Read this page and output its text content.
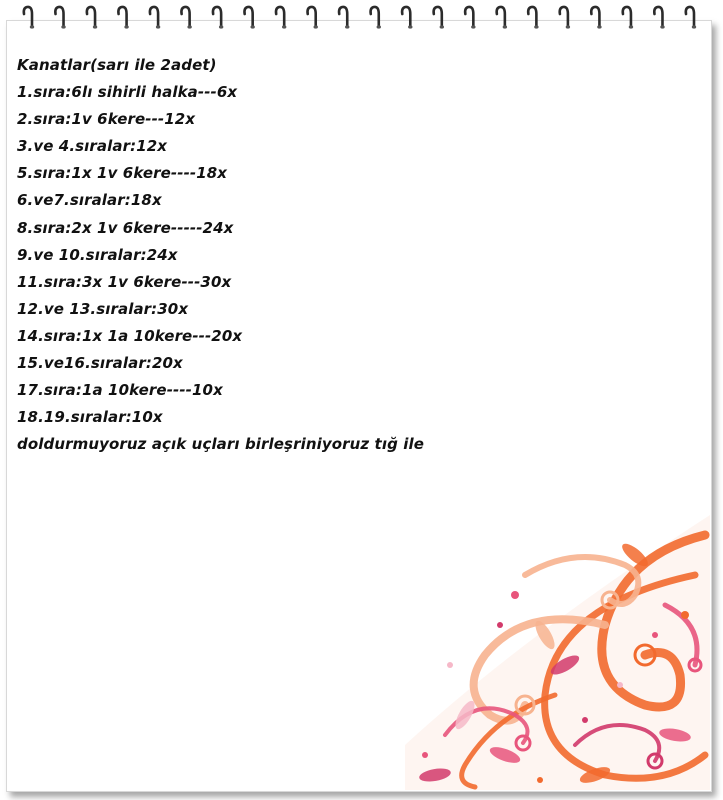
Kanatlar(sarı ile 2adet)
1.sıra:6lı sihirli halka---6x
2.sıra:1v 6kere---12x
3.ve 4.sıralar:12x
5.sıra:1x 1v 6kere----18x
6.ve7.sıralar:18x
8.sıra:2x 1v 6kere-----24x
9.ve 10.sıralar:24x
11.sıra:3x 1v 6kere---30x
12.ve 13.sıralar:30x
14.sıra:1x 1a 10kere---20x
15.ve16.sıralar:20x
17.sıra:1a 10kere----10x
18.19.sıralar:10x
doldurmuyoruz açık uçları birleşriniyoruz tığ ile
